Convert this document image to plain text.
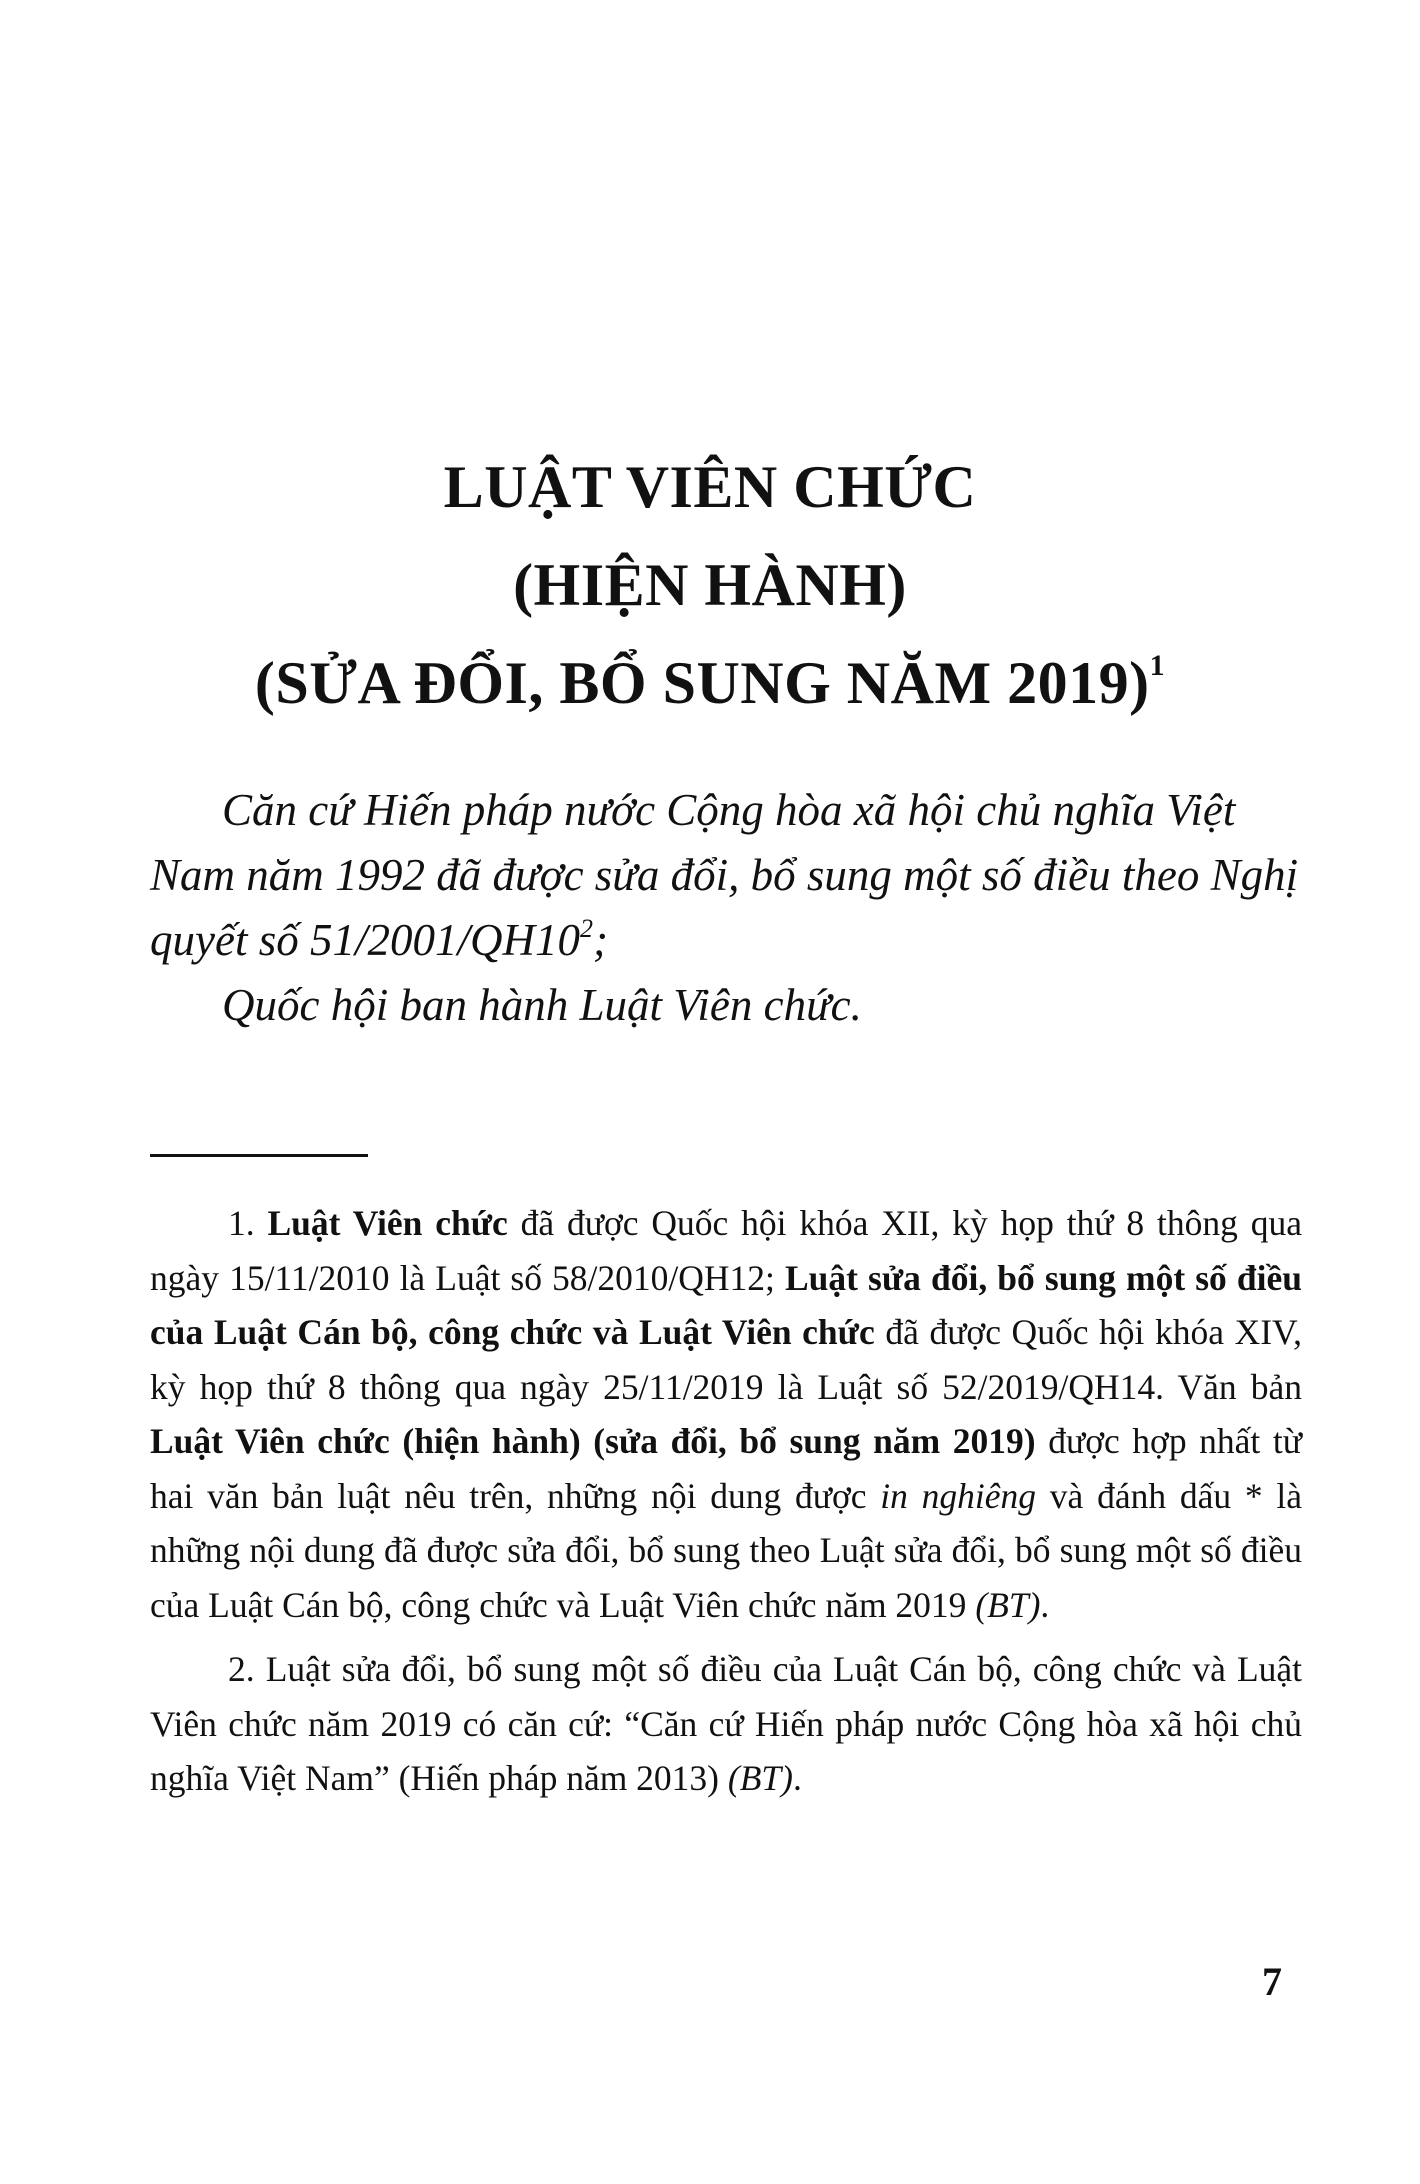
LUẬT VIÊN CHỨC

(HIỆN HÀNH)

(SỬA ĐỔI, BỔ SUNG NĂM 2019)$^1$

Căn cứ Hiến pháp nước Cộng hòa xã hội chủ nghĩa Việt Nam năm 1992 đã được sửa đổi, bổ sung một số điều theo Nghị quyết số $51/2001/QH10^2$;

Quốc hội ban hành Luật Viên chức.

1. Luật Viên chức đã được Quốc hội khóa XII, kỳ họp thứ 8 thông qua ngày 15/11/2010 là Luật số 58/2010/QH12; Luật sửa đổi, bổ sung một số điều của Luật Cán bộ, công chức và Luật Viên chức đã được Quốc hội khóa XIV, kỳ họp thứ 8 thông qua ngày 25/11/2019 là Luật số 52/2019/QH14. Văn bản Luật Viên chức (hiện hành) (sửa đổi, bổ sung năm 2019) được hợp nhất từ hai văn bản luật nêu trên, những nội dung được in nghiêng và đánh dấu * là những nội dung đã được sửa đổi, bổ sung theo Luật sửa đổi, bổ sung một số điều của Luật Cán bộ, công chức và Luật Viên chức năm 2019 (BT).

2. Luật sửa đổi, bổ sung một số điều của Luật Cán bộ, công chức và Luật Viên chức năm 2019 có căn cứ: “Căn cứ Hiến pháp nước Cộng hòa xã hội chủ nghĩa Việt Nam” (Hiến pháp năm 2013) (BT).

7
